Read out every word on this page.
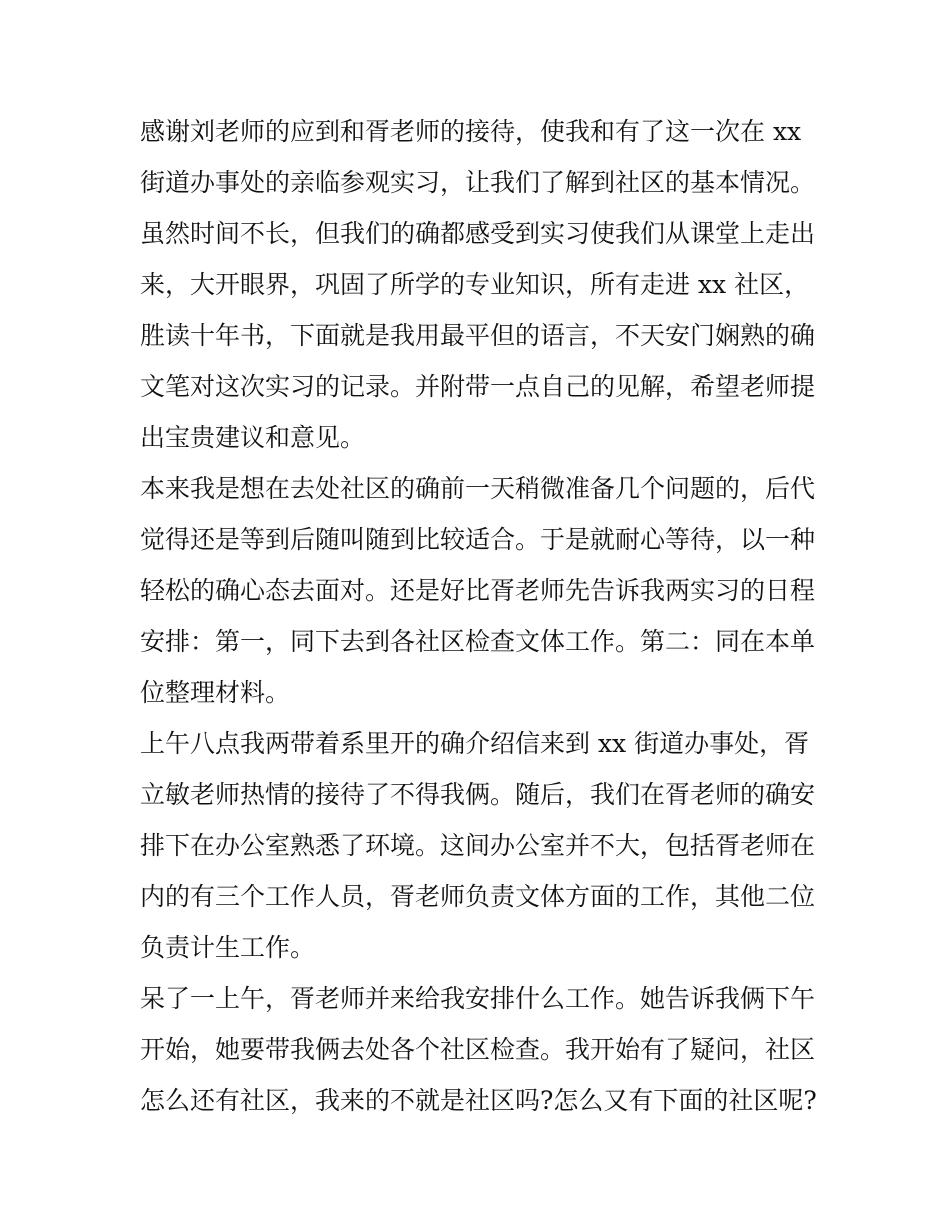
感谢刘老师的应到和胥老师的接待，使我和有了这一次在 xx
街道办事处的亲临参观实习，让我们了解到社区的基本情况。
虽然时间不长，但我们的确都感受到实习使我们从课堂上走出
来，大开眼界，巩固了所学的专业知识，所有走进 xx 社区，
胜读十年书，下面就是我用最平但的语言，不天安门娴熟的确
文笔对这次实习的记录。并附带一点自己的见解，希望老师提
出宝贵建议和意见。
本来我是想在去处社区的确前一天稍微准备几个问题的，后代
觉得还是等到后随叫随到比较适合。于是就耐心等待，以一种
轻松的确心态去面对。还是好比胥老师先告诉我两实习的日程
安排：第一，同下去到各社区检查文体工作。第二：同在本单
位整理材料。
上午八点我两带着系里开的确介绍信来到 xx 街道办事处，胥
立敏老师热情的接待了不得我俩。随后，我们在胥老师的确安
排下在办公室熟悉了环境。这间办公室并不大，包括胥老师在
内的有三个工作人员，胥老师负责文体方面的工作，其他二位
负责计生工作。
呆了一上午，胥老师并来给我安排什么工作。她告诉我俩下午
开始，她要带我俩去处各个社区检查。我开始有了疑问，社区
怎么还有社区，我来的不就是社区吗?怎么又有下面的社区呢?
